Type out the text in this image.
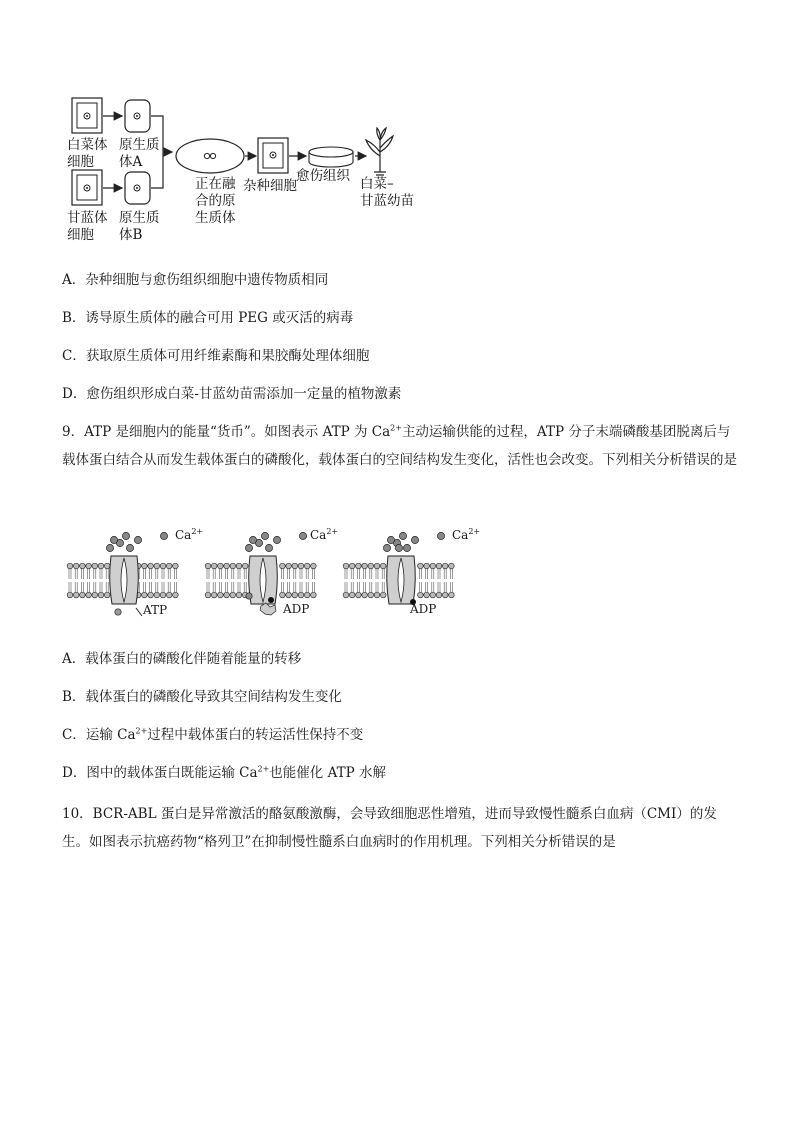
白菜体
细胞
原生质
体A
甘蓝体
细胞
原生质
体B
正在融
合的原
生质体
杂种细胞
愈伤组织 白菜–
甘蓝幼苗
A．杂种细胞与愈伤组织细胞中遗传物质相同
B．诱导原生质体的融合可用 PEG 或灭活的病毒
C．获取原生质体可用纤维素酶和果胶酶处理体细胞
D．愈伤组织形成白菜-甘蓝幼苗需添加一定量的植物激素
9．ATP 是细胞内的能量“货币”。如图表示 ATP 为 $Ca^{2+}$主动运输供能的过程，ATP 分子末端磷酸基团脱离后与载体蛋白结合从而发生载体蛋白的磷酸化，载体蛋白的空间结构发生变化，活性也会改变。下列相关分析错误的是
$Ca^{2+}$	$Ca^{2+}$	$Ca^{2+}$
ATP	ADP	ADP
A．载体蛋白的磷酸化伴随着能量的转移
B．载体蛋白的磷酸化导致其空间结构发生变化
C．运输 $Ca^{2+}$过程中载体蛋白的转运活性保持不变
D．图中的载体蛋白既能运输 $Ca^{2+}$也能催化 ATP 水解
10．BCR-ABL 蛋白是异常激活的酪氨酸激酶，会导致细胞恶性增殖，进而导致慢性髓系白血病（CMI）的发生。如图表示抗癌药物“格列卫”在抑制慢性髓系白血病时的作用机理。下列相关分析错误的是
